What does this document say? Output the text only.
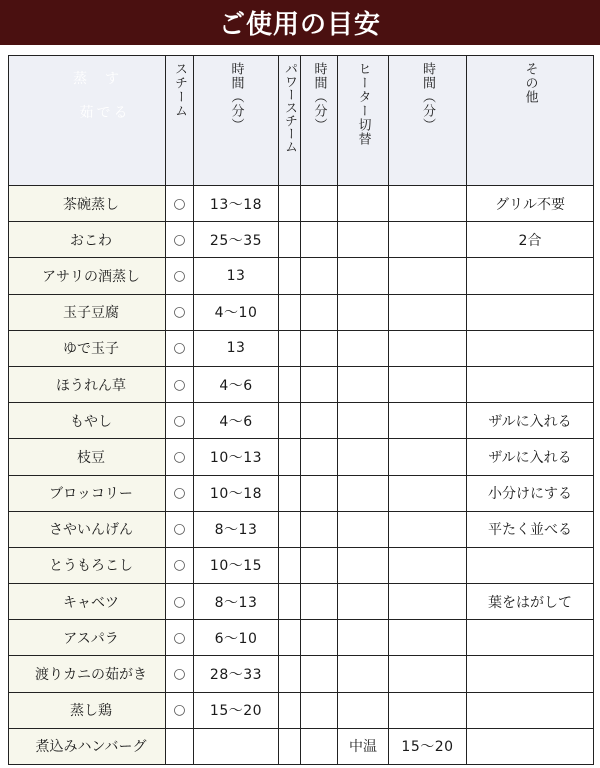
ご使用の目安
蒸す
茹でる	スチーム	時間（分）	パワースチーム	時間（分）	ヒーター切替	時間（分）	その他
茶碗蒸し	○	13～18					グリル不要
おこわ	○	25～35					2合
アサリの酒蒸し	○	13					
玉子豆腐	○	4～10					
ゆで玉子	○	13					
ほうれん草	○	4～6					
もやし	○	4～6					ザルに入れる
枝豆	○	10～13					ザルに入れる
ブロッコリー	○	10～18					小分けにする
さやいんげん	○	8～13					平たく並べる
とうもろこし	○	10～15					
キャベツ	○	8～13					葉をはがして
アスパラ	○	6～10					
渡りカニの茹がき	○	28～33					
蒸し鶏	○	15～20					
煮込みハンバーグ					中温	15～20	
